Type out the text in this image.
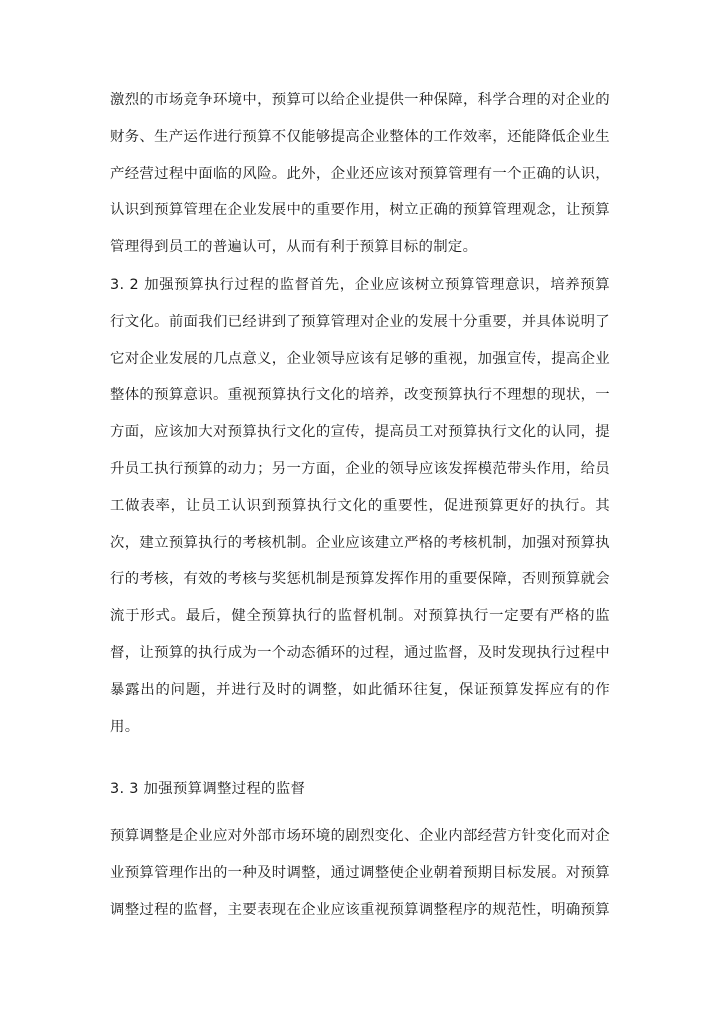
激烈的市场竞争环境中，预算可以给企业提供一种保障，科学合理的对企业的
财务、生产运作进行预算不仅能够提高企业整体的工作效率，还能降低企业生
产经营过程中面临的风险。此外，企业还应该对预算管理有一个正确的认识，
认识到预算管理在企业发展中的重要作用，树立正确的预算管理观念，让预算
管理得到员工的普遍认可，从而有利于预算目标的制定。
3. 2 加强预算执行过程的监督首先，企业应该树立预算管理意识，培养预算
行文化。前面我们已经讲到了预算管理对企业的发展十分重要，并具体说明了
它对企业发展的几点意义，企业领导应该有足够的重视，加强宣传，提高企业
整体的预算意识。重视预算执行文化的培养，改变预算执行不理想的现状，一
方面，应该加大对预算执行文化的宣传，提高员工对预算执行文化的认同，提
升员工执行预算的动力；另一方面，企业的领导应该发挥模范带头作用，给员
工做表率，让员工认识到预算执行文化的重要性，促进预算更好的执行。其
次，建立预算执行的考核机制。企业应该建立严格的考核机制，加强对预算执
行的考核，有效的考核与奖惩机制是预算发挥作用的重要保障，否则预算就会
流于形式。最后，健全预算执行的监督机制。对预算执行一定要有严格的监
督，让预算的执行成为一个动态循环的过程，通过监督，及时发现执行过程中
暴露出的问题，并进行及时的调整，如此循环往复，保证预算发挥应有的作
用。
3. 3 加强预算调整过程的监督
预算调整是企业应对外部市场环境的剧烈变化、企业内部经营方针变化而对企
业预算管理作出的一种及时调整，通过调整使企业朝着预期目标发展。对预算
调整过程的监督，主要表现在企业应该重视预算调整程序的规范性，明确预算
